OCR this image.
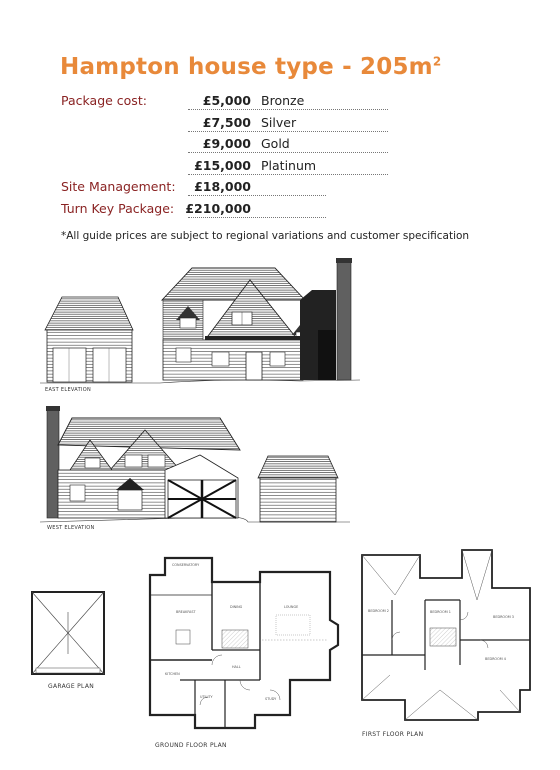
Hampton house type - $205m^2$
Package cost:	£5,000 Bronze
£7,500 Silver
£9,000 Gold
£15,000 Platinum
Site Management:	£18,000
Turn Key Package: £210,000
*All guide prices are subject to regional variations and customer specification
EAST ELEVATION
WEST ELEVATION
GARAGE PLAN
CONSERVATORY
BREAKFAST
DINING	LOUNGE
KITCHEN
HALL
UTILITY	STUDY
GROUND FLOOR PLAN
BEDROOM 2	BEDROOM 1
BEDROOM 3
BEDROOM 4
FIRST FLOOR PLAN
